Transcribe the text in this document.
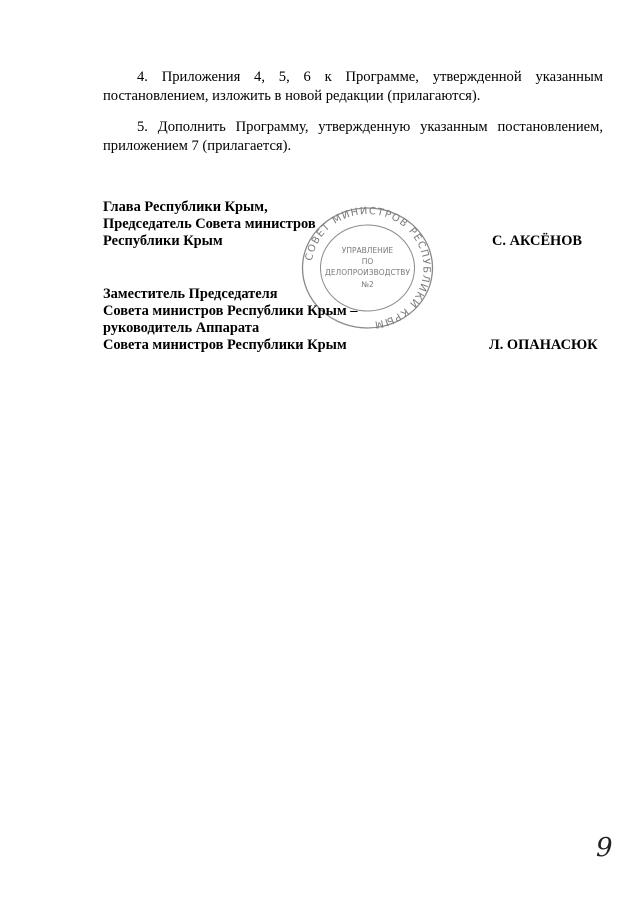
4. Приложения 4, 5, 6 к Программе, утвержденной указанным постановлением, изложить в новой редакции (прилагаются).
5. Дополнить Программу, утвержденную указанным постановлением, приложением 7 (прилагается).
СОВЕТ МИНИСТРОВ РЕСПУБЛИКИ КРЫМ
УПРАВЛЕНИЕ
ПО
ДЕЛОПРОИЗВОДСТВУ
№2
Глава Республики Крым,
Председатель Совета министров
Республики Крым	С. АКСЁНОВ
Заместитель Председателя
Совета министров Республики Крым –
руководитель Аппарата
Совета министров Республики Крым	Л. ОПАНАСЮК
9
